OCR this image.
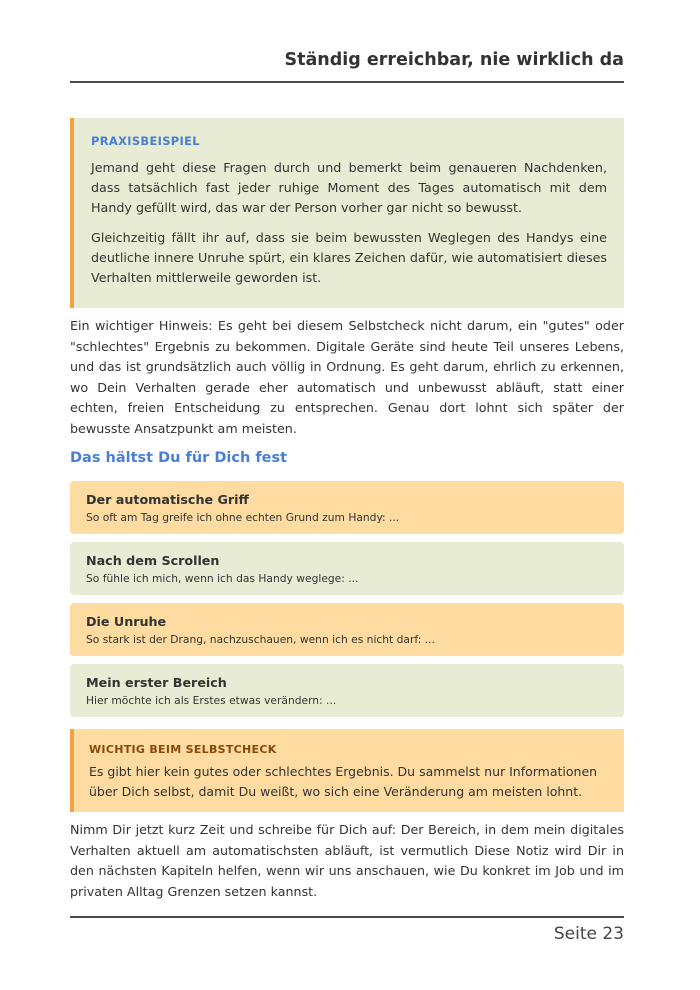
Ständig erreichbar, nie wirklich da
PRAXISBEISPIEL

Jemand geht diese Fragen durch und bemerkt beim genaueren Nachdenken, dass tatsächlich fast jeder ruhige Moment des Tages automatisch mit dem Handy gefüllt wird, das war der Person vorher gar nicht so bewusst.

Gleichzeitig fällt ihr auf, dass sie beim bewussten Weglegen des Handys eine deutliche innere Unruhe spürt, ein klares Zeichen dafür, wie automatisiert dieses Verhalten mittlerweile geworden ist.

Ein wichtiger Hinweis: Es geht bei diesem Selbstcheck nicht darum, ein "gutes" oder "schlechtes" Ergebnis zu bekommen. Digitale Geräte sind heute Teil unseres Lebens, und das ist grundsätzlich auch völlig in Ordnung. Es geht darum, ehrlich zu erkennen, wo Dein Verhalten gerade eher automatisch und unbewusst abläuft, statt einer echten, freien Entscheidung zu entsprechen. Genau dort lohnt sich später der bewusste Ansatzpunkt am meisten.

Das hältst Du für Dich fest
Der automatische Griff
So oft am Tag greife ich ohne echten Grund zum Handy: ...
Nach dem Scrollen
So fühle ich mich, wenn ich das Handy weglege: ...
Die Unruhe
So stark ist der Drang, nachzuschauen, wenn ich es nicht darf: ...
Mein erster Bereich
Hier möchte ich als Erstes etwas verändern: ...
WICHTIG BEIM SELBSTCHECK

Es gibt hier kein gutes oder schlechtes Ergebnis. Du sammelst nur Informationen über Dich selbst, damit Du weißt, wo sich eine Veränderung am meisten lohnt.

Nimm Dir jetzt kurz Zeit und schreibe für Dich auf: Der Bereich, in dem mein digitales Verhalten aktuell am automatischsten abläuft, ist vermutlich Diese Notiz wird Dir in den nächsten Kapiteln helfen, wenn wir uns anschauen, wie Du konkret im Job und im privaten Alltag Grenzen setzen kannst.

Seite 23
